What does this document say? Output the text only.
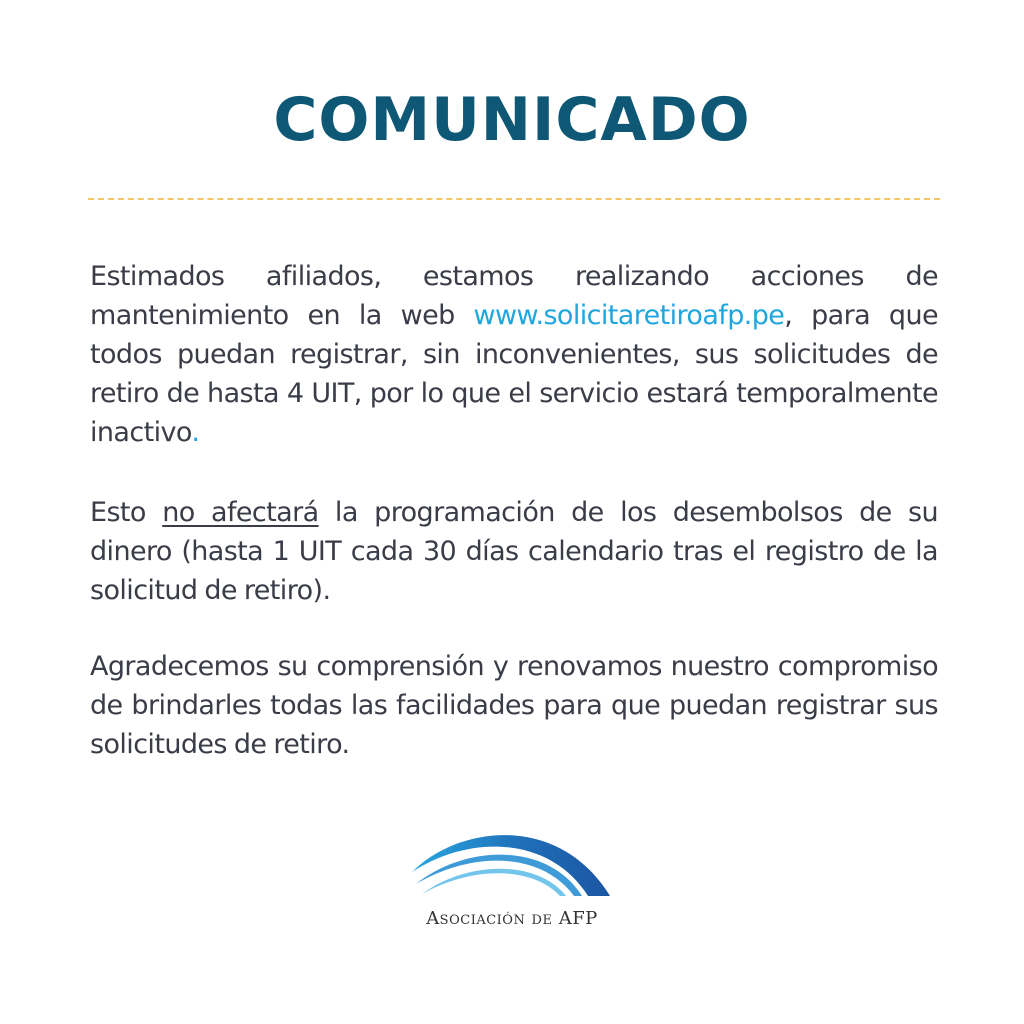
COMUNICADO

Estimados afiliados, estamos realizando acciones de mantenimiento en la web www.solicitaretiroafp.pe, para que todos puedan registrar, sin inconvenientes, sus solicitudes de retiro de hasta 4 UIT, por lo que el servicio estará temporalmente inactivo.

Esto no afectará la programación de los desembolsos de su dinero (hasta 1 UIT cada 30 días calendario tras el registro de la solicitud de retiro).

Agradecemos su comprensión y renovamos nuestro compromiso de brindarles todas las facilidades para que puedan registrar sus solicitudes de retiro.

Asociación de AFP
